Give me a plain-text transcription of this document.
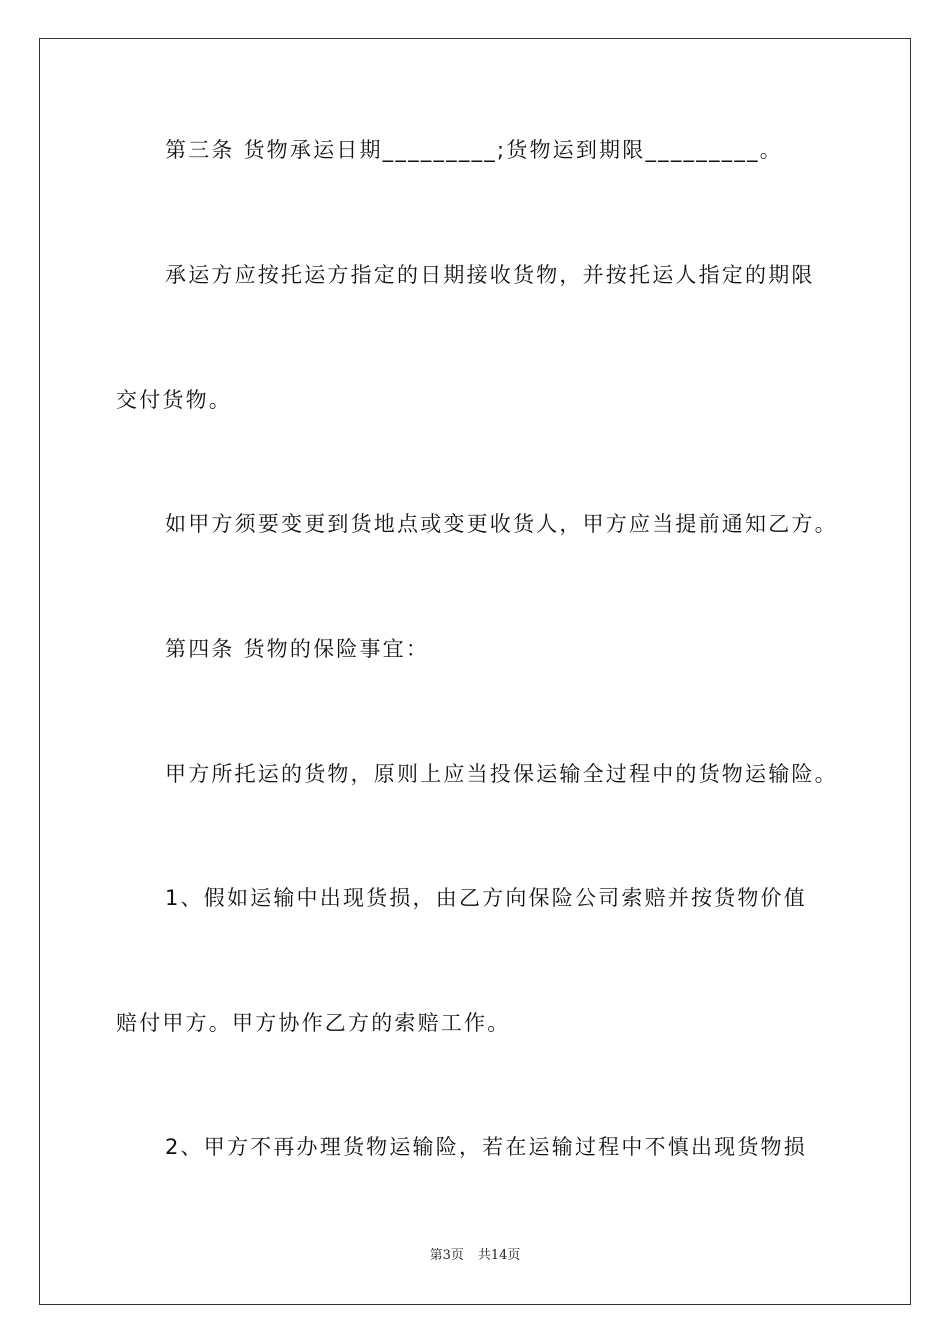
第三条 货物承运日期_________;货物运到期限_________。
承运方应按托运方指定的日期接收货物，并按托运人指定的期限
交付货物。
如甲方须要变更到货地点或变更收货人，甲方应当提前通知乙方。
第四条 货物的保险事宜：
甲方所托运的货物，原则上应当投保运输全过程中的货物运输险。
1、假如运输中出现货损，由乙方向保险公司索赔并按货物价值
赔付甲方。甲方协作乙方的索赔工作。
2、甲方不再办理货物运输险，若在运输过程中不慎出现货物损
第3页 共14页
